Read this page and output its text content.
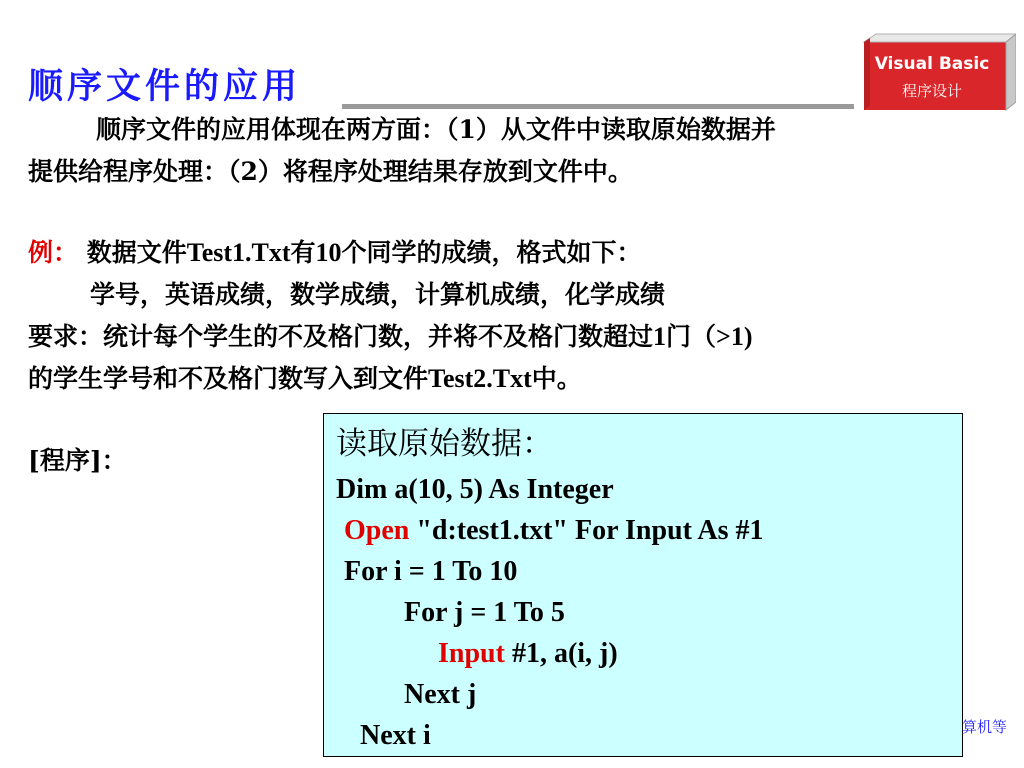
顺序文件的应用
Visual Basic
程序设计
顺序文件的应用体现在两方面：（1）从文件中读取原始数据并
提供给程序处理：（2）将程序处理结果存放到文件中。
例： 数据文件Test1.Txt有10个同学的成绩，格式如下：
学号，英语成绩，数学成绩，计算机成绩，化学成绩
要求：统计每个学生的不及格门数，并将不及格门数超过1门（>1)
的学生学号和不及格门数写入到文件Test2.Txt中。
[程序]：	读取原始数据：
Dim a(10, 5) As Integer
Open "d:test1.txt" For Input As #1
For i = 1 To 10
For j = 1 To 5
Input #1, a(i, j)
Next j
Next i	算机等
